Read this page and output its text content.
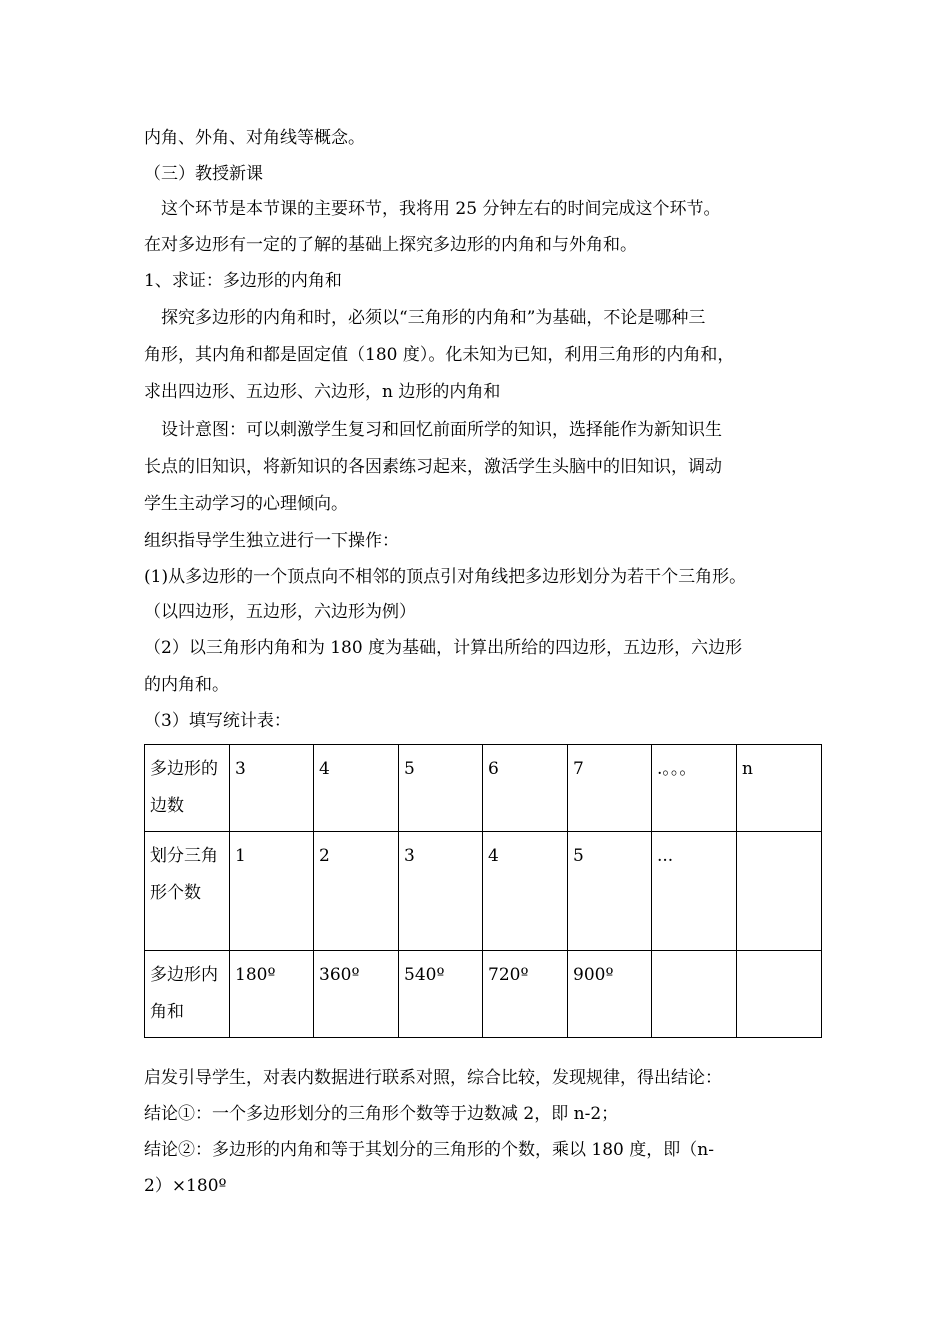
内角、外角、对角线等概念。
（三）教授新课
　这个环节是本节课的主要环节，我将用 25 分钟左右的时间完成这个环节。
在对多边形有一定的了解的基础上探究多边形的内角和与外角和。
1、求证：多边形的内角和
　探究多边形的内角和时，必须以“三角形的内角和”为基础，不论是哪种三
角形，其内角和都是固定值（180 度）。化未知为已知，利用三角形的内角和，
求出四边形、五边形、六边形，n 边形的内角和
　设计意图：可以刺激学生复习和回忆前面所学的知识，选择能作为新知识生
长点的旧知识，将新知识的各因素练习起来，激活学生头脑中的旧知识，调动
学生主动学习的心理倾向。
组织指导学生独立进行一下操作：
(1)从多边形的一个顶点向不相邻的顶点引对角线把多边形划分为若干个三角形。
（以四边形，五边形，六边形为例）
（2）以三角形内角和为 180 度为基础，计算出所给的四边形，五边形，六边形
的内角和。
（3）填写统计表：
多边形的边数	3	4	5	6	7	.。。。	n
划分三角形个数	1	2	3	4	5	...	
多边形内角和	180º	360º	540º	720º	900º		
启发引导学生，对表内数据进行联系对照，综合比较，发现规律，得出结论：
结论①：一个多边形划分的三角形个数等于边数减 2，即 n-2；
结论②：多边形的内角和等于其划分的三角形的个数，乘以 180 度，即（n-
2）×180º
